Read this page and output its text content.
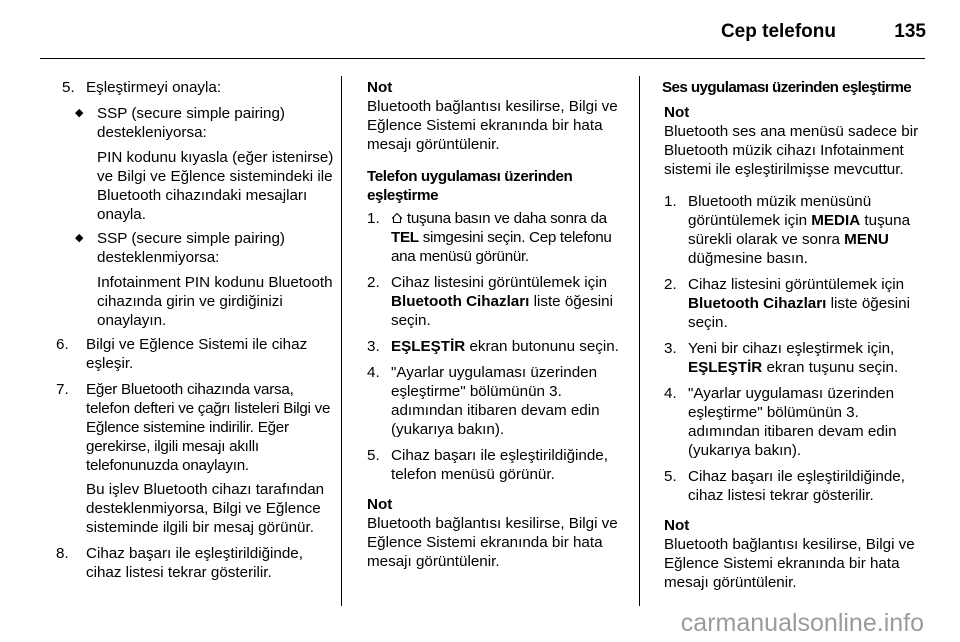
Cep telefonu	135
5. Eşleştirmeyi onayla:
◆ SSP (secure simple pairing) destekleniyorsa:
PIN kodunu kıyasla (eğer istenirse) ve Bilgi ve Eğlence sistemindeki ile Bluetooth cihazındaki mesajları onayla.
◆ SSP (secure simple pairing) desteklenmiyorsa:
Infotainment PIN kodunu Bluetooth cihazında girin ve girdiğinizi onaylayın.
6.	Bilgi ve Eğlence Sistemi ile cihaz eşleşir.
7.	Eğer Bluetooth cihazında varsa, telefon defteri ve çağrı listeleri Bilgi ve Eğlence sistemine indirilir. Eğer gerekirse, ilgili mesajı akıllı telefonunuzda onaylayın.
Bu işlev Bluetooth cihazı tarafından desteklenmiyorsa, Bilgi ve Eğlence sisteminde ilgili bir mesaj görünür.
8.	Cihaz başarı ile eşleştirildiğinde, cihaz listesi tekrar gösterilir.
Not
Bluetooth bağlantısı kesilirse, Bilgi ve Eğlence Sistemi ekranında bir hata mesajı görüntülenir.
Telefon uygulaması üzerinden eşleştirme
1.	tuşuna basın ve daha sonra da TEL simgesini seçin. Cep telefonu ana menüsü görünür.
2. Cihaz listesini görüntülemek için Bluetooth Cihazları liste öğesini seçin.
3. EŞLEŞTİR ekran butonunu seçin.
4. "Ayarlar uygulaması üzerinden eşleştirme" bölümünün 3. adımından itibaren devam edin (yukarıya bakın).
5. Cihaz başarı ile eşleştirildiğinde, telefon menüsü görünür.
Not
Bluetooth bağlantısı kesilirse, Bilgi ve Eğlence Sistemi ekranında bir hata mesajı görüntülenir.
Ses uygulaması üzerinden eşleştirme
Not
Bluetooth ses ana menüsü sadece bir Bluetooth müzik cihazı Infotainment sistemi ile eşleştirilmişse mevcuttur.
1. Bluetooth müzik menüsünü görüntülemek için MEDIA tuşuna sürekli olarak ve sonra MENU düğmesine basın.
2. Cihaz listesini görüntülemek için Bluetooth Cihazları liste öğesini seçin.
3. Yeni bir cihazı eşleştirmek için, EŞLEŞTİR ekran tuşunu seçin.
4. "Ayarlar uygulaması üzerinden eşleştirme" bölümünün 3. adımından itibaren devam edin (yukarıya bakın).
5. Cihaz başarı ile eşleştirildiğinde, cihaz listesi tekrar gösterilir.
Not
Bluetooth bağlantısı kesilirse, Bilgi ve Eğlence Sistemi ekranında bir hata mesajı görüntülenir.
carmanualsonline.info
